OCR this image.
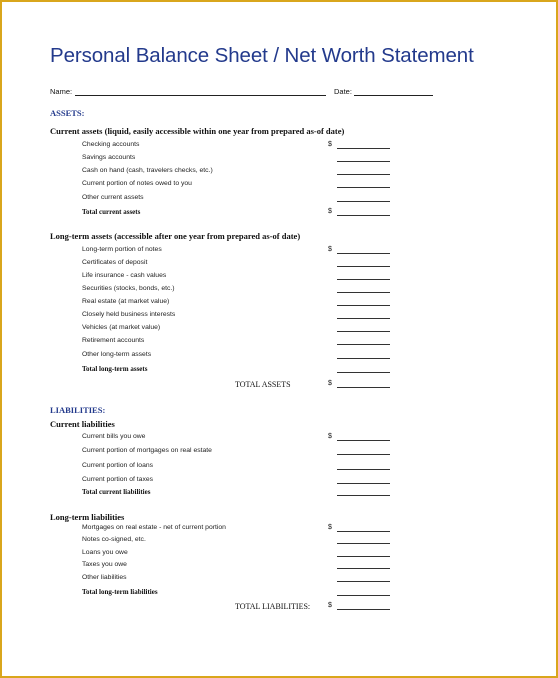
Personal Balance Sheet / Net Worth Statement
Name:	Date:
ASSETS:
Current assets (liquid, easily accessible within one year from prepared as-of date)
Checking accounts	$
Savings accounts
Cash on hand (cash, travelers checks, etc.)
Current portion of notes owed to you
Other current assets
Total current assets	$
Long-term assets (accessible after one year from prepared as-of date)
Long-term portion of notes	$
Certificates of deposit
Life insurance - cash values
Securities (stocks, bonds, etc.)
Real estate (at market value)
Closely held business interests
Vehicles (at market value)
Retirement accounts
Other long-term assets
Total long-term assets
TOTAL ASSETS	$
LIABILITIES:
Current liabilities
Current bills you owe	$
Current portion of mortgages on real estate
Current portion of loans
Current portion of taxes
Total current liabilities
Long-term liabilities
Mortgages on real estate - net of current portion	$
Notes co-signed, etc.
Loans you owe
Taxes you owe
Other liabilities
Total long-term liabilities
TOTAL LIABILITIES:	$
